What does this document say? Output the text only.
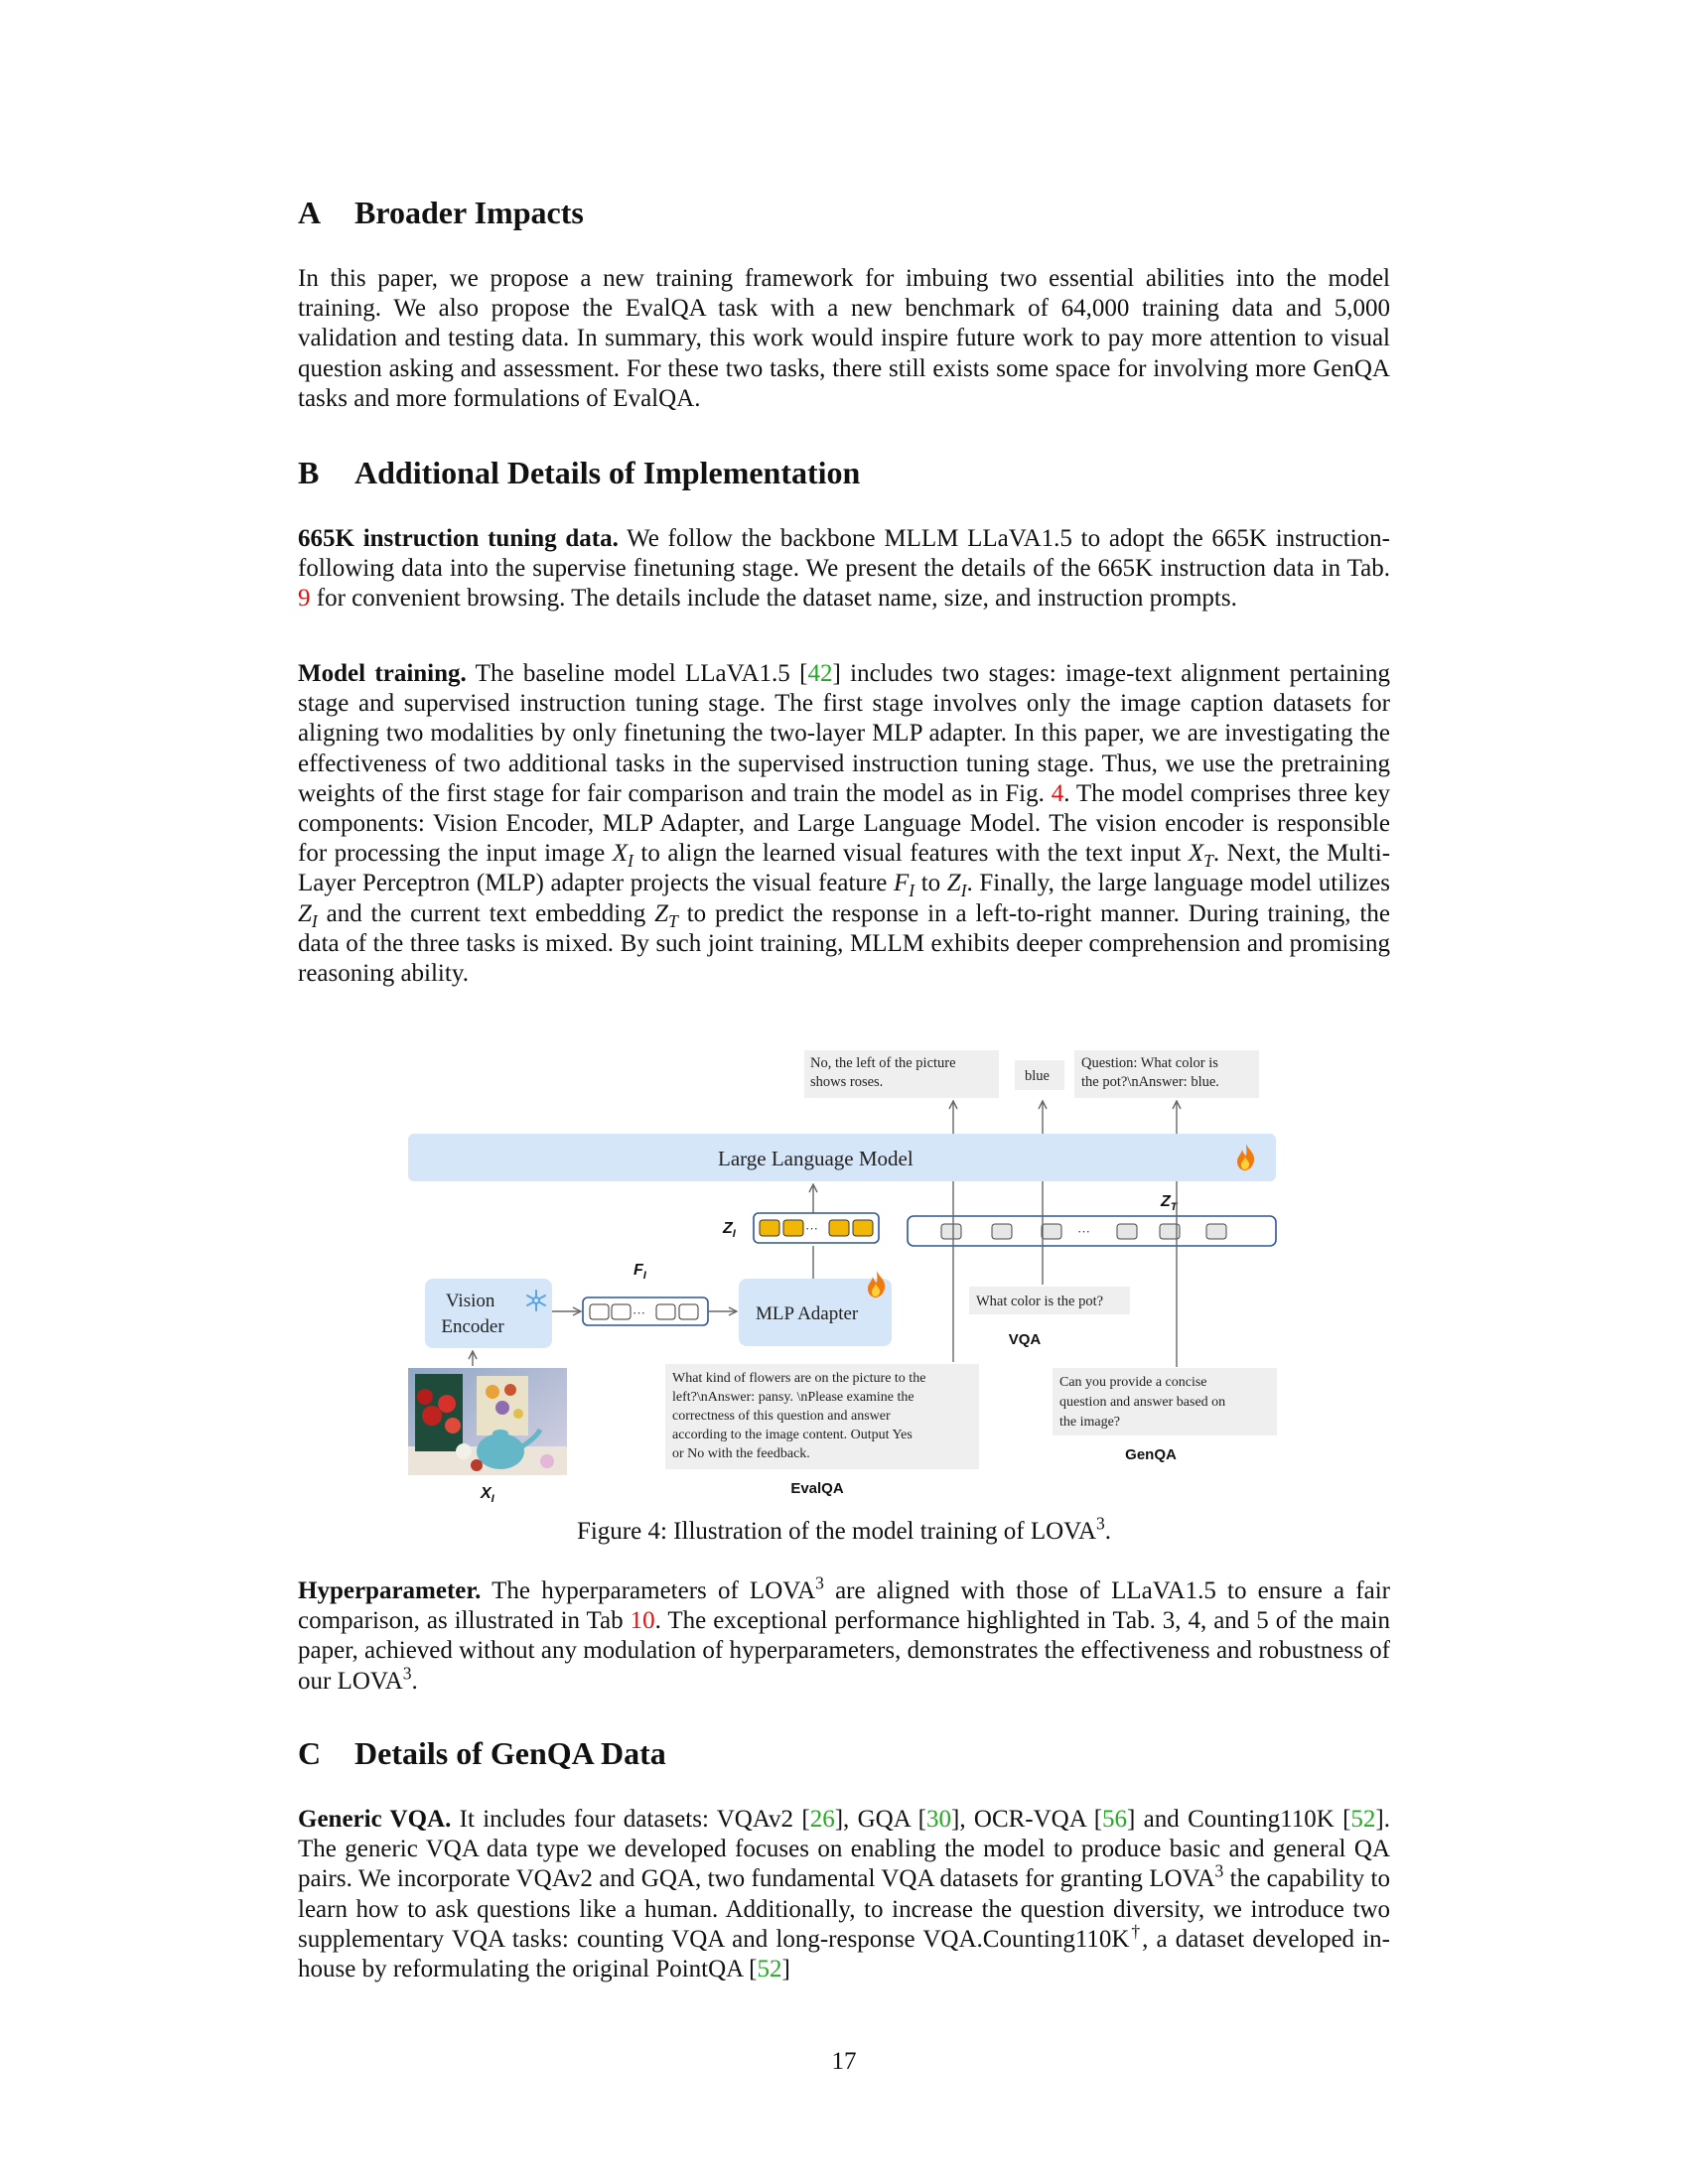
A Broader Impacts
In this paper, we propose a new training framework for imbuing two essential abilities into the model training. We also propose the EvalQA task with a new benchmark of 64,000 training data and 5,000 validation and testing data. In summary, this work would inspire future work to pay more attention to visual question asking and assessment. For these two tasks, there still exists some space for involving more GenQA tasks and more formulations of EvalQA.
B Additional Details of Implementation
665K instruction tuning data. We follow the backbone MLLM LLaVA1.5 to adopt the 665K instruction-following data into the supervise finetuning stage. We present the details of the 665K instruction data in Tab. 9 for convenient browsing. The details include the dataset name, size, and instruction prompts.
Model training. The baseline model LLaVA1.5 [42] includes two stages: image-text alignment pertaining stage and supervised instruction tuning stage. The first stage involves only the image caption datasets for aligning two modalities by only finetuning the two-layer MLP adapter. In this paper, we are investigating the effectiveness of two additional tasks in the supervised instruction tuning stage. Thus, we use the pretraining weights of the first stage for fair comparison and train the model as in Fig. 4. The model comprises three key components: Vision Encoder, MLP Adapter, and Large Language Model. The vision encoder is responsible for processing the input image $X_I$ to align the learned visual features with the text input $X_T$. Next, the Multi-Layer Perceptron (MLP) adapter projects the visual feature $F_I$ to $Z_I$. Finally, the large language model utilizes $Z_I$ and the current text embedding $Z_T$ to predict the response in a left-to-right manner. During training, the data of the three tasks is mixed. By such joint training, MLLM exhibits deeper comprehension and promising reasoning ability.
No, the left of the picture shows roses.	blue
Question: What color is the pot?\nAnswer: blue.
Large Language Model
···
$Z_I$
$Z_T$
···
Vision Encoder
$F_I$
···	MLP Adapter
What color is the pot?
VQA
$X_I$
What kind of flowers are on the picture to the left?\nAnswer: pansy. \nPlease examine the correctness of this question and answer according to the image content. Output Yes or No with the feedback.
EvalQA
Can you provide a concise question and answer based on the image?
GenQA
Figure 4: Illustration of the model training of LOVA$^3$.
Hyperparameter. The hyperparameters of LOVA$^3$ are aligned with those of LLaVA1.5 to ensure a fair comparison, as illustrated in Tab 10. The exceptional performance highlighted in Tab. 3, 4, and 5 of the main paper, achieved without any modulation of hyperparameters, demonstrates the effectiveness and robustness of our LOVA$^3$.
C Details of GenQA Data
Generic VQA. It includes four datasets: VQAv2 [26], GQA [30], OCR-VQA [56] and Counting110K [52]. The generic VQA data type we developed focuses on enabling the model to produce basic and general QA pairs. We incorporate VQAv2 and GQA, two fundamental VQA datasets for granting LOVA$^3$ the capability to learn how to ask questions like a human. Additionally, to increase the question diversity, we introduce two supplementary VQA tasks: counting VQA and long-response VQA.Counting110K†, a dataset developed in-house by reformulating the original PointQA [52]
17
